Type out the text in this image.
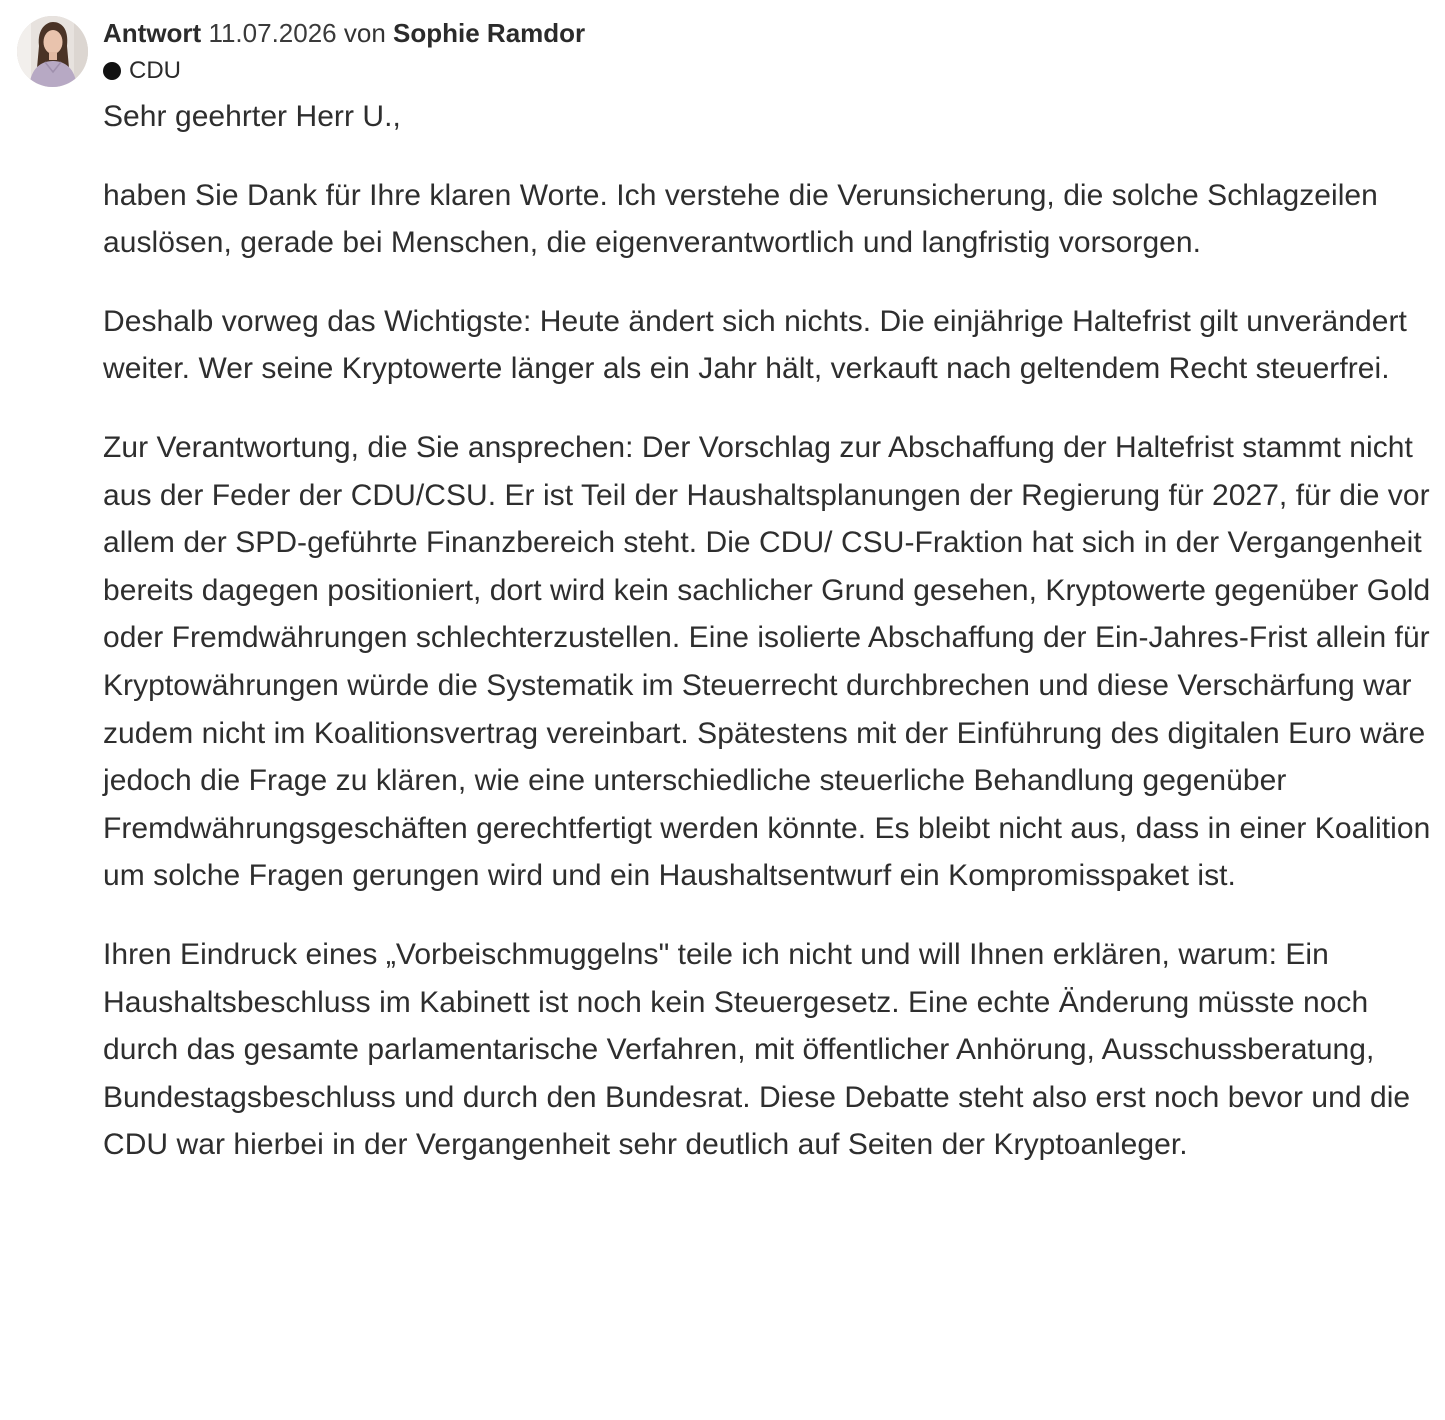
Antwort 11.07.2026 von Sophie Ramdor
CDU

Sehr geehrter Herr U.,

haben Sie Dank für Ihre klaren Worte. Ich verstehe die Verunsicherung, die solche Schlagzeilen auslösen, gerade bei Menschen, die eigenverantwortlich und langfristig vorsorgen.

Deshalb vorweg das Wichtigste: Heute ändert sich nichts. Die einjährige Haltefrist gilt unverändert weiter. Wer seine Kryptowerte länger als ein Jahr hält, verkauft nach geltendem Recht steuerfrei.

Zur Verantwortung, die Sie ansprechen: Der Vorschlag zur Abschaffung der Haltefrist stammt nicht aus der Feder der CDU/CSU. Er ist Teil der Haushaltsplanungen der Regierung für 2027, für die vor allem der SPD-geführte Finanzbereich steht. Die CDU/ CSU-Fraktion hat sich in der Vergangenheit bereits dagegen positioniert, dort wird kein sachlicher Grund gesehen, Kryptowerte gegenüber Gold oder Fremdwährungen schlechterzustellen. Eine isolierte Abschaffung der Ein-Jahres-Frist allein für Kryptowährungen würde die Systematik im Steuerrecht durchbrechen und diese Verschärfung war zudem nicht im Koalitionsvertrag vereinbart. Spätestens mit der Einführung des digitalen Euro wäre jedoch die Frage zu klären, wie eine unterschiedliche steuerliche Behandlung gegenüber Fremdwährungsgeschäften gerechtfertigt werden könnte. Es bleibt nicht aus, dass in einer Koalition um solche Fragen gerungen wird und ein Haushaltsentwurf ein Kompromisspaket ist.

Ihren Eindruck eines „Vorbeischmuggelns" teile ich nicht und will Ihnen erklären, warum: Ein Haushaltsbeschluss im Kabinett ist noch kein Steuergesetz. Eine echte Änderung müsste noch durch das gesamte parlamentarische Verfahren, mit öffentlicher Anhörung, Ausschussberatung, Bundestagsbeschluss und durch den Bundesrat. Diese Debatte steht also erst noch bevor und die CDU war hierbei in der Vergangenheit sehr deutlich auf Seiten der Kryptoanleger.
